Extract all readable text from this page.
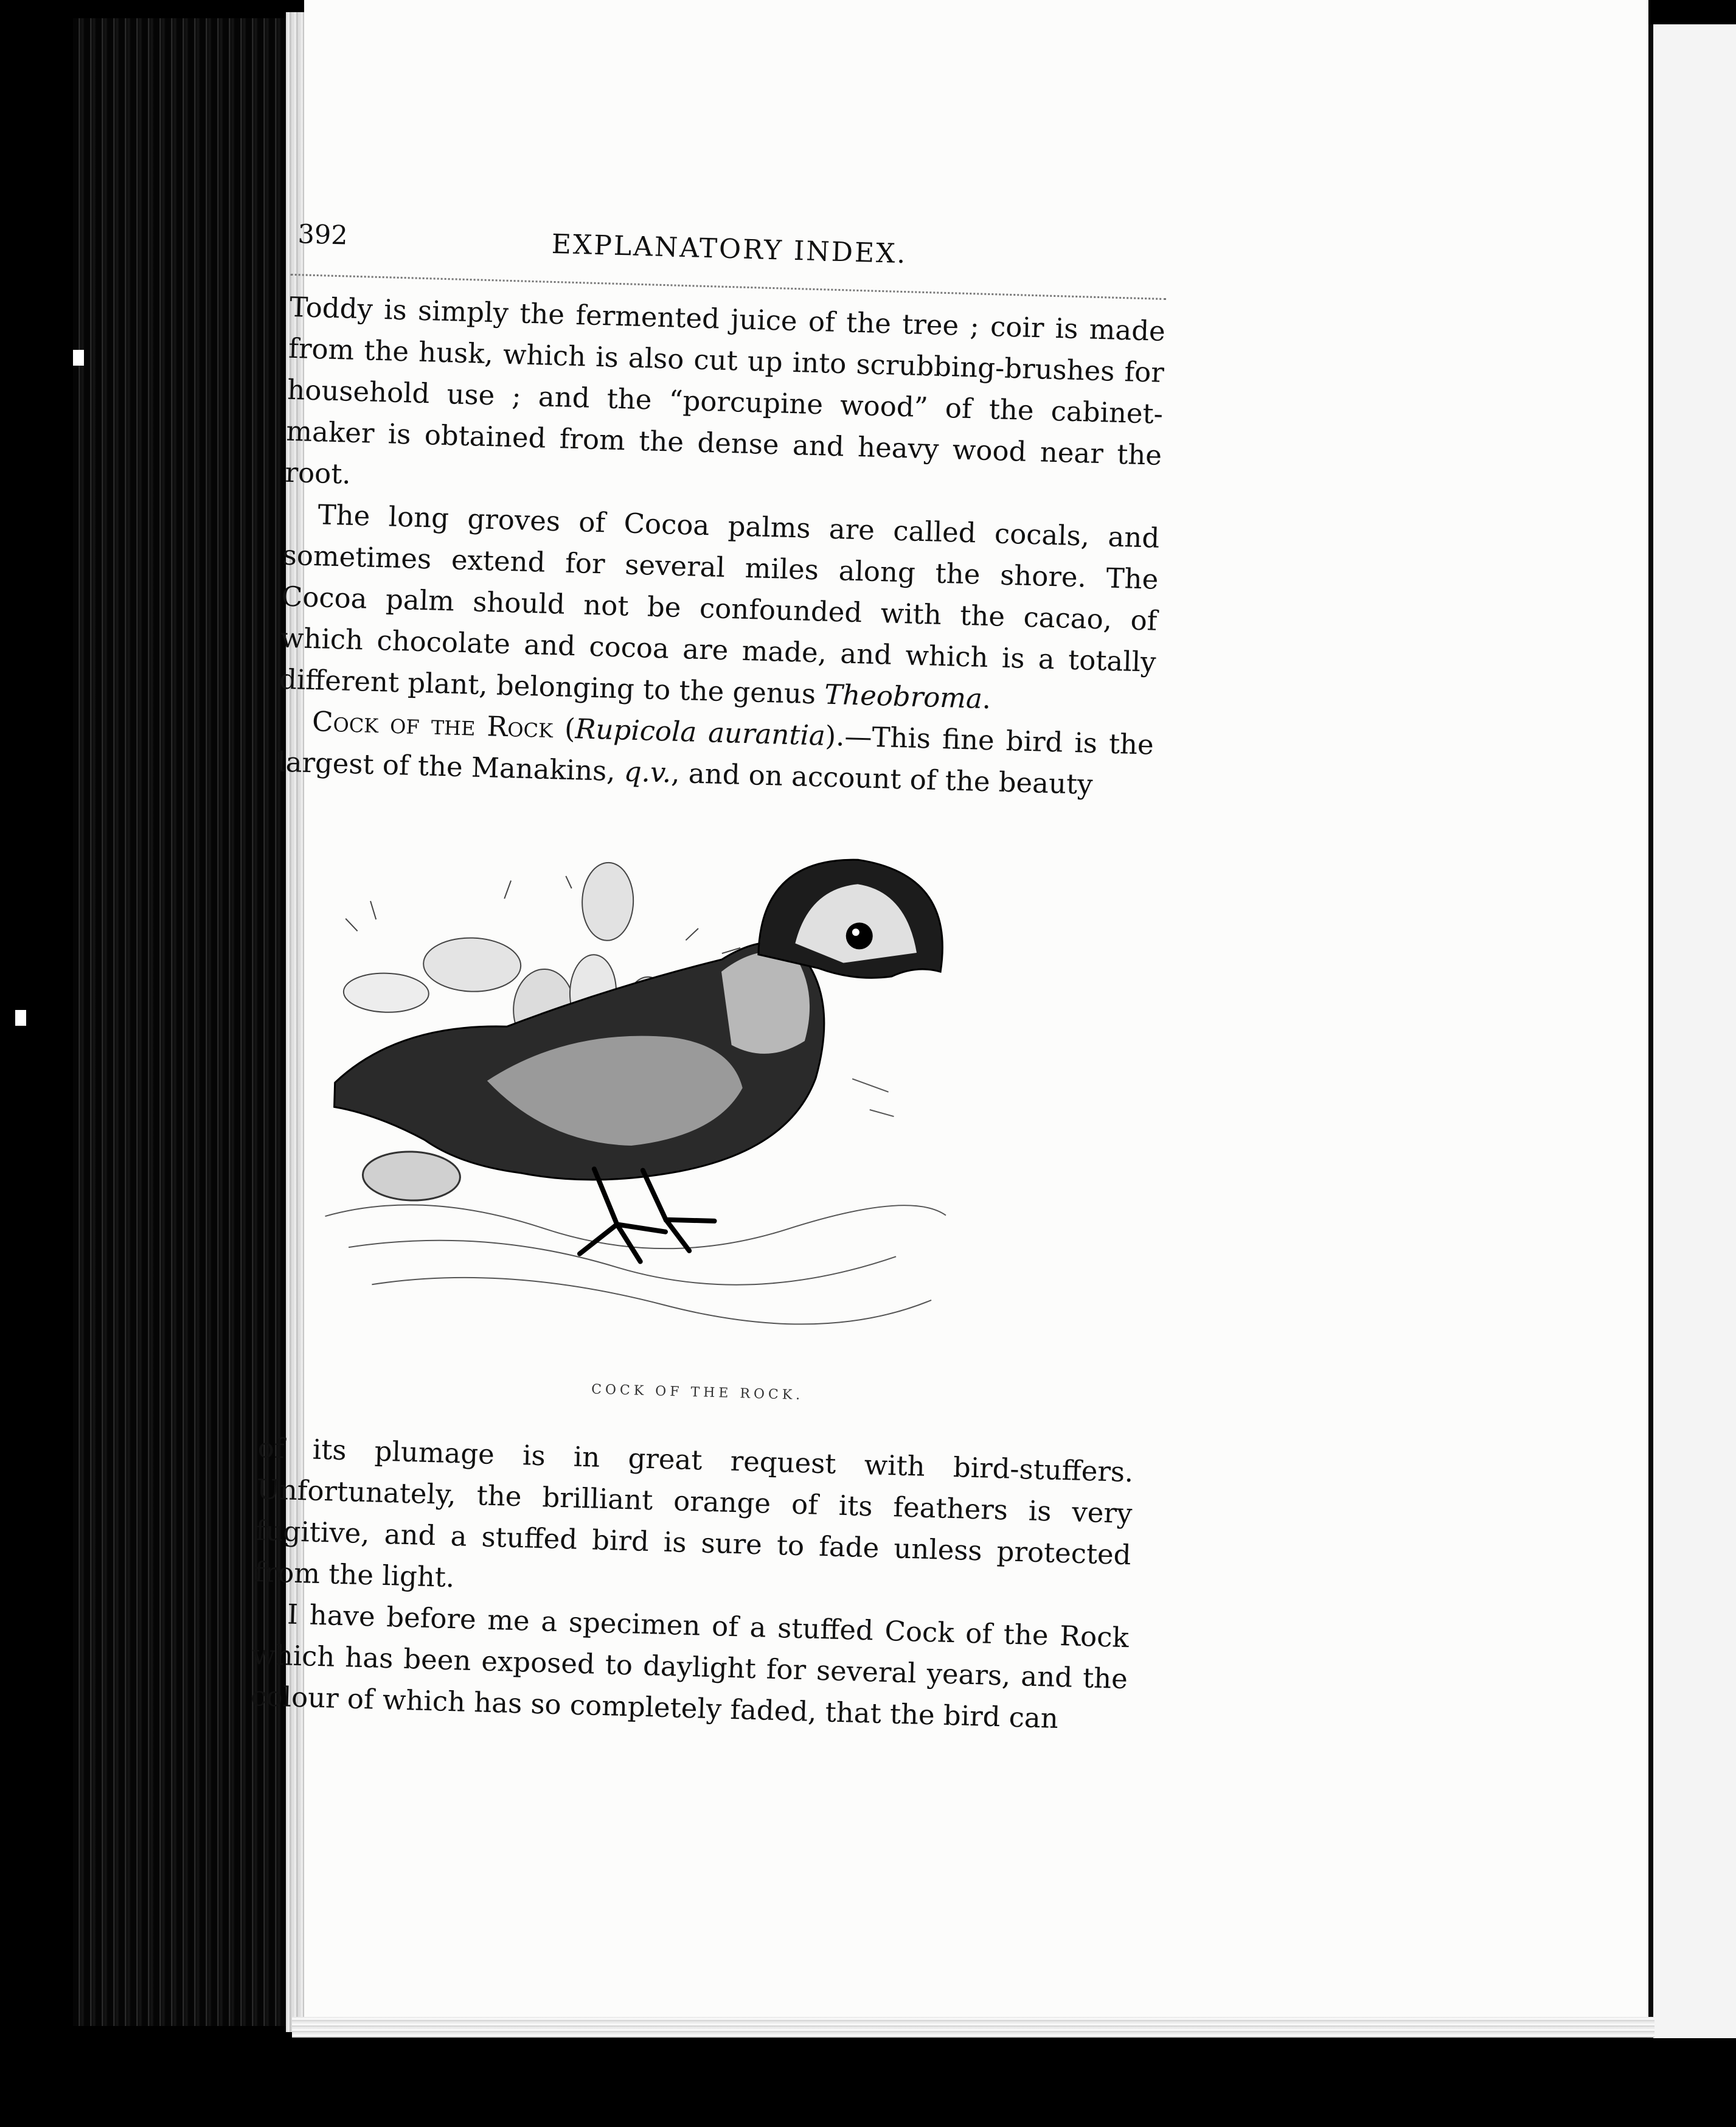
392	EXPLANATORY INDEX.

Toddy is simply the fermented juice of the tree ; coir is made from the husk, which is also cut up into scrubbing-brushes for household use ; and the “porcupine wood” of the cabinet-maker is obtained from the dense and heavy wood near the root.

The long groves of Cocoa palms are called cocals, and sometimes extend for several miles along the shore. The Cocoa palm should not be confounded with the cacao, of which chocolate and cocoa are made, and which is a totally different plant, belonging to the genus Theobroma.

Cock of the Rock (Rupicola aurantia).—This fine bird is the largest of the Manakins, q.v., and on account of the beauty

COCK OF THE ROCK.

of its plumage is in great request with bird-stuffers. Unfortunately, the brilliant orange of its feathers is very fugitive, and a stuffed bird is sure to fade unless protected from the light.

I have before me a specimen of a stuffed Cock of the Rock which has been exposed to daylight for several years, and the colour of which has so completely faded, that the bird can
